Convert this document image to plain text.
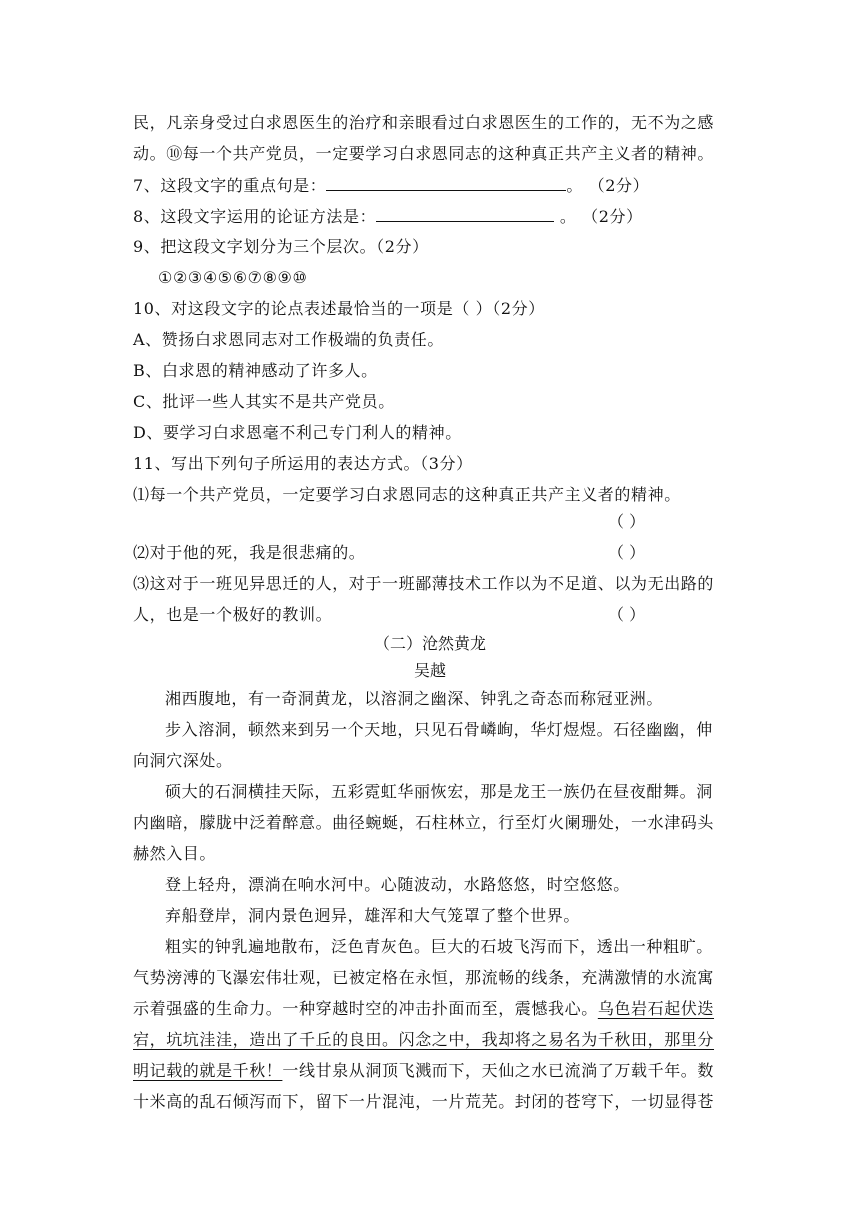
民，凡亲身受过白求恩医生的治疗和亲眼看过白求恩医生的工作的，无不为之感
动。⑩每一个共产党员，一定要学习白求恩同志的这种真正共产主义者的精神。
7、这段文字的重点句是：	。 （2分）
8、这段文字运用的论证方法是：	。 （2分）
9、把这段文字划分为三个层次。（2分）
①②③④⑤⑥⑦⑧⑨⑩
10、对这段文字的论点表述最恰当的一项是（ ）（2分）
A、赞扬白求恩同志对工作极端的负责任。
B、白求恩的精神感动了许多人。
C、批评一些人其实不是共产党员。
D、要学习白求恩毫不利己专门利人的精神。
11、写出下列句子所运用的表达方式。（3分）
⑴每一个共产党员，一定要学习白求恩同志的这种真正共产主义者的精神。
（ ）
⑵对于他的死，我是很悲痛的。	（ ）
⑶这对于一班见异思迁的人，对于一班鄙薄技术工作以为不足道、以为无出路的
人，也是一个极好的教训。	（ ）
（二）沧然黄龙
吴越
湘西腹地，有一奇洞黄龙，以溶洞之幽深、钟乳之奇态而称冠亚洲。
步入溶洞，顿然来到另一个天地，只见石骨嶙峋，华灯煜煜。石径幽幽，伸
向洞穴深处。
硕大的石洞横挂天际，五彩霓虹华丽恢宏，那是龙王一族仍在昼夜酣舞。洞
内幽暗，朦胧中泛着醉意。曲径蜿蜒，石柱林立，行至灯火阑珊处，一水津码头
赫然入目。
登上轻舟，漂淌在响水河中。心随波动，水路悠悠，时空悠悠。
弃船登岸，洞内景色迥异，雄浑和大气笼罩了整个世界。
粗实的钟乳遍地散布，泛色青灰色。巨大的石坡飞泻而下，透出一种粗旷。
气势滂溥的飞瀑宏伟壮观，已被定格在永恒，那流畅的线条，充满激情的水流寓
示着强盛的生命力。一种穿越时空的冲击扑面而至，震憾我心。乌色岩石起伏迭
宕，坑坑洼洼，造出了千丘的良田。闪念之中，我却将之易名为千秋田，那里分
明记载的就是千秋！一线甘泉从洞顶飞溅而下，天仙之水已流淌了万载千年。数
十米高的乱石倾泻而下，留下一片混沌，一片荒芜。封闭的苍穹下，一切显得苍
